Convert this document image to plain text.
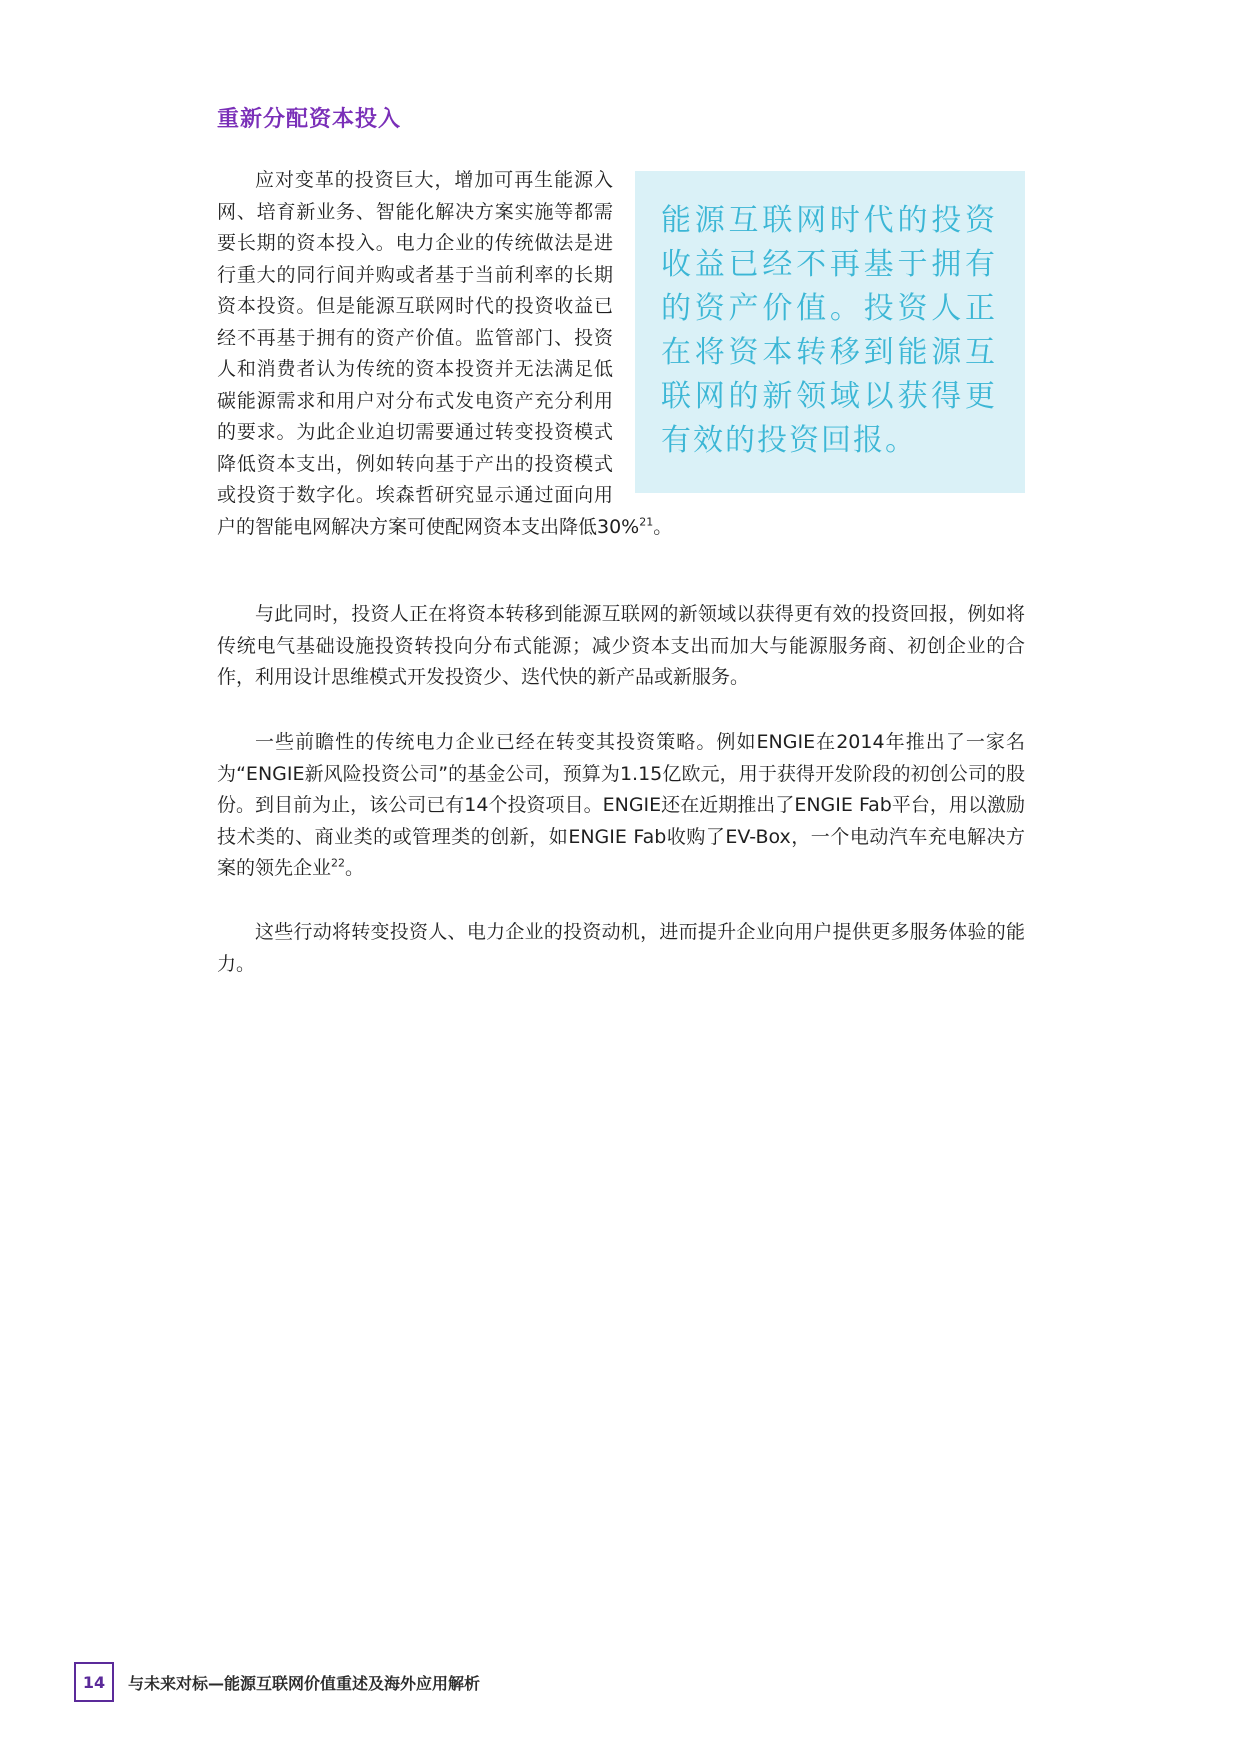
重新分配资本投入
能源互联网时代的投资收益已经不再基于拥有的资产价值。投资人正在将资本转移到能源互联网的新领域以获得更有效的投资回报。
应对变革的投资巨大，增加可再生能源入网、培育新业务、智能化解决方案实施等都需要长期的资本投入。电力企业的传统做法是进行重大的同行间并购或者基于当前利率的长期资本投资。但是能源互联网时代的投资收益已经不再基于拥有的资产价值。监管部门、投资人和消费者认为传统的资本投资并无法满足低碳能源需求和用户对分布式发电资产充分利用的要求。为此企业迫切需要通过转变投资模式降低资本支出，例如转向基于产出的投资模式或投资于数字化。埃森哲研究显示通过面向用户的智能电网解决方案可使配网资本支出降低30%$^{21}$。
与此同时，投资人正在将资本转移到能源互联网的新领域以获得更有效的投资回报，例如将传统电气基础设施投资转投向分布式能源；减少资本支出而加大与能源服务商、初创企业的合作，利用设计思维模式开发投资少、迭代快的新产品或新服务。
一些前瞻性的传统电力企业已经在转变其投资策略。例如ENGIE在2014年推出了一家名为“ENGIE新风险投资公司”的基金公司，预算为1.15亿欧元，用于获得开发阶段的初创公司的股份。到目前为止，该公司已有14个投资项目。ENGIE还在近期推出了ENGIE Fab平台，用以激励技术类的、商业类的或管理类的创新，如ENGIE Fab收购了EV-Box，一个电动汽车充电解决方案的领先企业$^{22}$。
这些行动将转变投资人、电力企业的投资动机，进而提升企业向用户提供更多服务体验的能力。
14	与未来对标—能源互联网价值重述及海外应用解析
